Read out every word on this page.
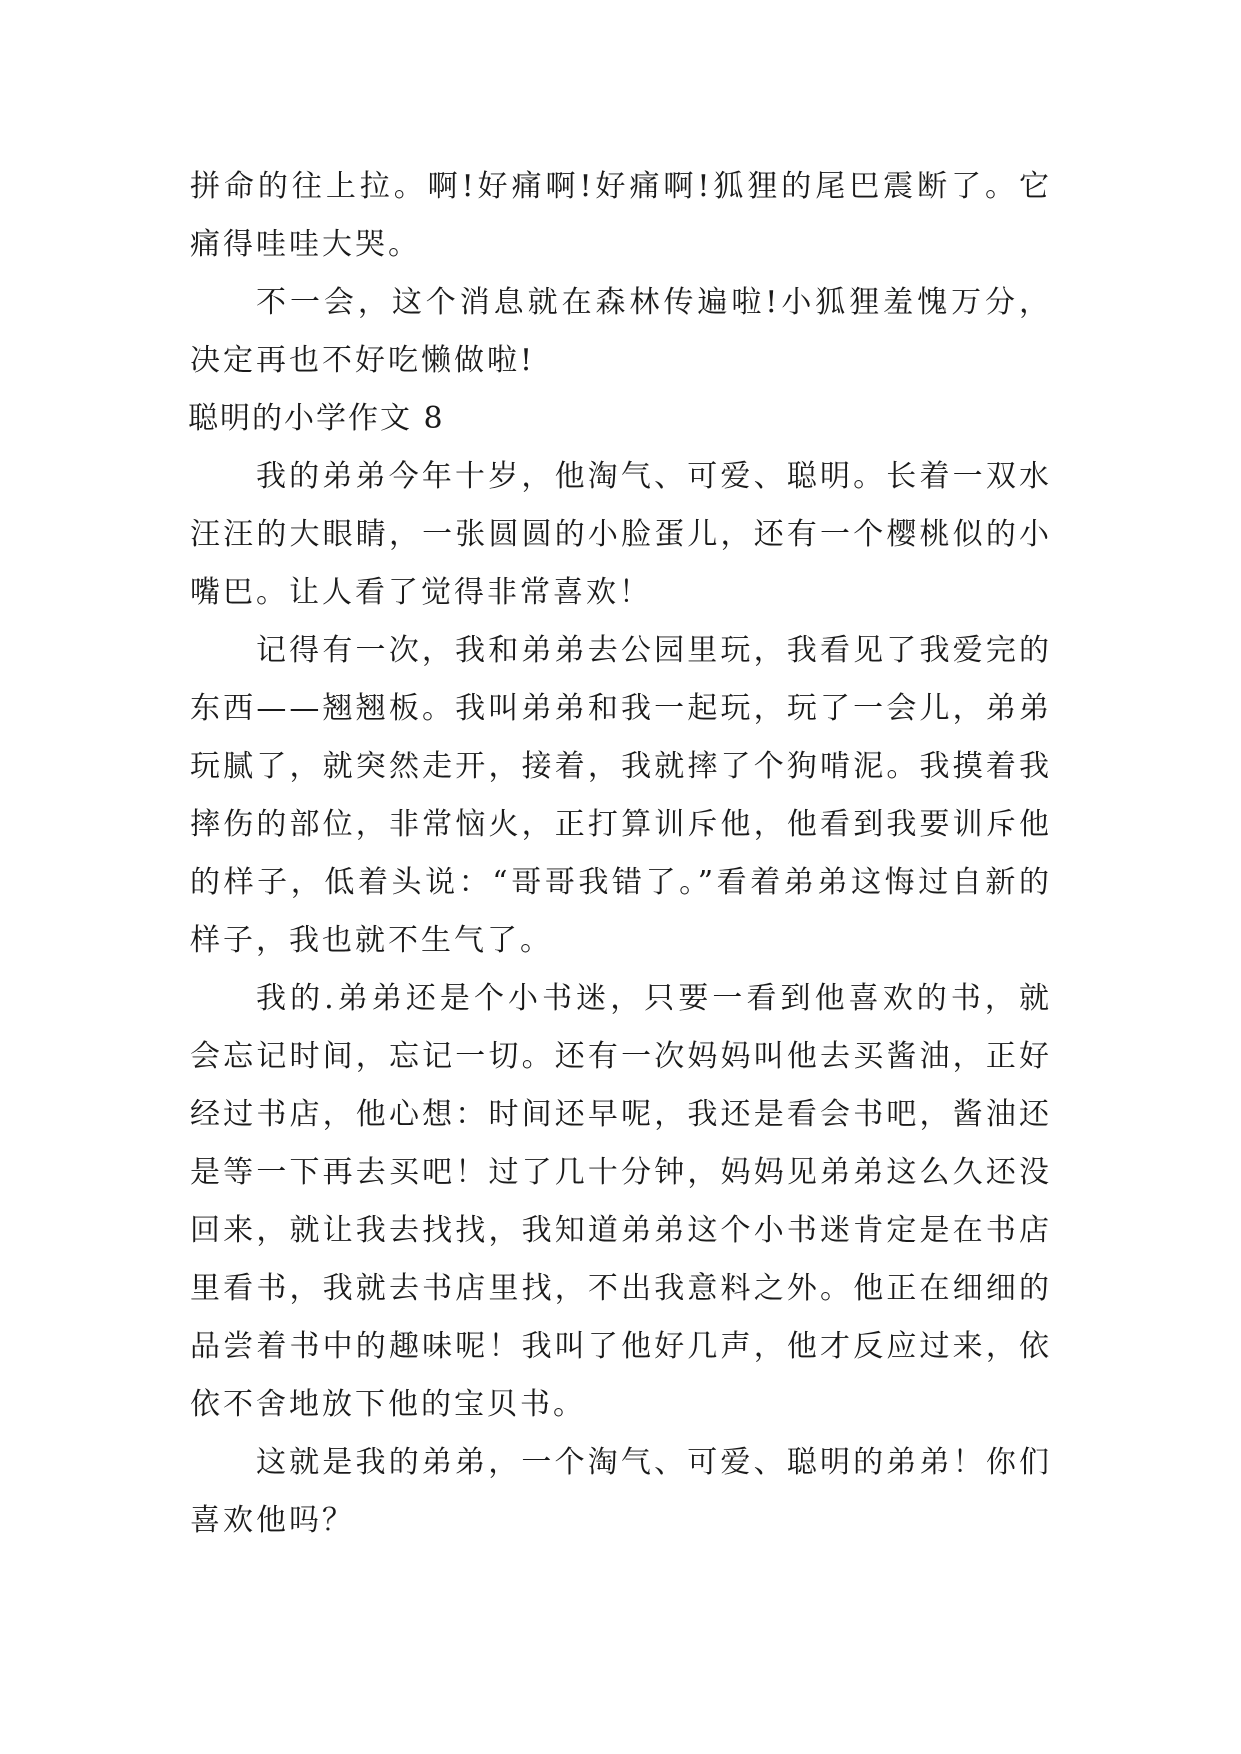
拼命的往上拉。啊!好痛啊!好痛啊!狐狸的尾巴震断了。它痛得哇哇大哭。

不一会，这个消息就在森林传遍啦!小狐狸羞愧万分，决定再也不好吃懒做啦!

聪明的小学作文 8

我的弟弟今年十岁，他淘气、可爱、聪明。长着一双水汪汪的大眼睛，一张圆圆的小脸蛋儿，还有一个樱桃似的小嘴巴。让人看了觉得非常喜欢！

记得有一次，我和弟弟去公园里玩，我看见了我爱完的东西——翘翘板。我叫弟弟和我一起玩，玩了一会儿，弟弟玩腻了，就突然走开，接着，我就摔了个狗啃泥。我摸着我摔伤的部位，非常恼火，正打算训斥他，他看到我要训斥他的样子，低着头说：“哥哥我错了。”看着弟弟这悔过自新的样子，我也就不生气了。

我的.弟弟还是个小书迷，只要一看到他喜欢的书，就会忘记时间，忘记一切。还有一次妈妈叫他去买酱油，正好经过书店，他心想：时间还早呢，我还是看会书吧，酱油还是等一下再去买吧！过了几十分钟，妈妈见弟弟这么久还没回来，就让我去找找，我知道弟弟这个小书迷肯定是在书店里看书，我就去书店里找，不出我意料之外。他正在细细的品尝着书中的趣味呢！我叫了他好几声，他才反应过来，依依不舍地放下他的宝贝书。

这就是我的弟弟，一个淘气、可爱、聪明的弟弟！你们喜欢他吗？
